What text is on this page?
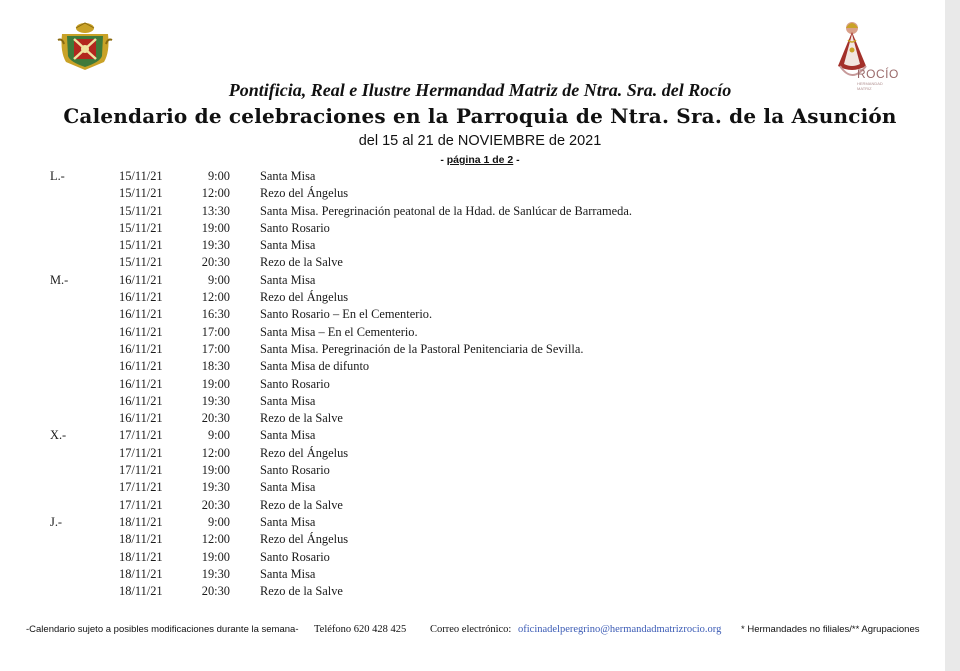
ROCÍO
HERMANDAD MATRIZ
Pontificia, Real e Ilustre Hermandad Matriz de Ntra. Sra. del Rocío
Calendario de celebraciones en la Parroquia de Ntra. Sra. de la Asunción
del 15 al 21 de NOVIEMBRE de 2021
- página 1 de 2 -
L.-	15/11/21	9:00 Santa Misa
15/11/21	12:00 Rezo del Ángelus
15/11/21	13:30 Santa Misa. Peregrinación peatonal de la Hdad. de Sanlúcar de Barrameda.
15/11/21	19:00 Santo Rosario
15/11/21	19:30 Santa Misa
15/11/21	20:30 Rezo de la Salve
M.-	16/11/21	9:00 Santa Misa
16/11/21	12:00 Rezo del Ángelus
16/11/21	16:30 Santo Rosario – En el Cementerio.
16/11/21	17:00 Santa Misa – En el Cementerio.
16/11/21	17:00 Santa Misa. Peregrinación de la Pastoral Penitenciaria de Sevilla.
16/11/21	18:30 Santa Misa de difunto
16/11/21	19:00 Santo Rosario
16/11/21	19:30 Santa Misa
16/11/21	20:30 Rezo de la Salve
X.-	17/11/21	9:00 Santa Misa
17/11/21	12:00 Rezo del Ángelus
17/11/21	19:00 Santo Rosario
17/11/21	19:30 Santa Misa
17/11/21	20:30 Rezo de la Salve
J.-	18/11/21	9:00 Santa Misa
18/11/21	12:00 Rezo del Ángelus
18/11/21	19:00 Santo Rosario
18/11/21	19:30 Santa Misa
18/11/21	20:30 Rezo de la Salve
-Calendario sujeto a posibles modificaciones durante la semana- Teléfono 620 428 425 Correo electrónico: oficinadelperegrino@hermandadmatrizrocio.org * Hermandades no filiales/** Agrupaciones
